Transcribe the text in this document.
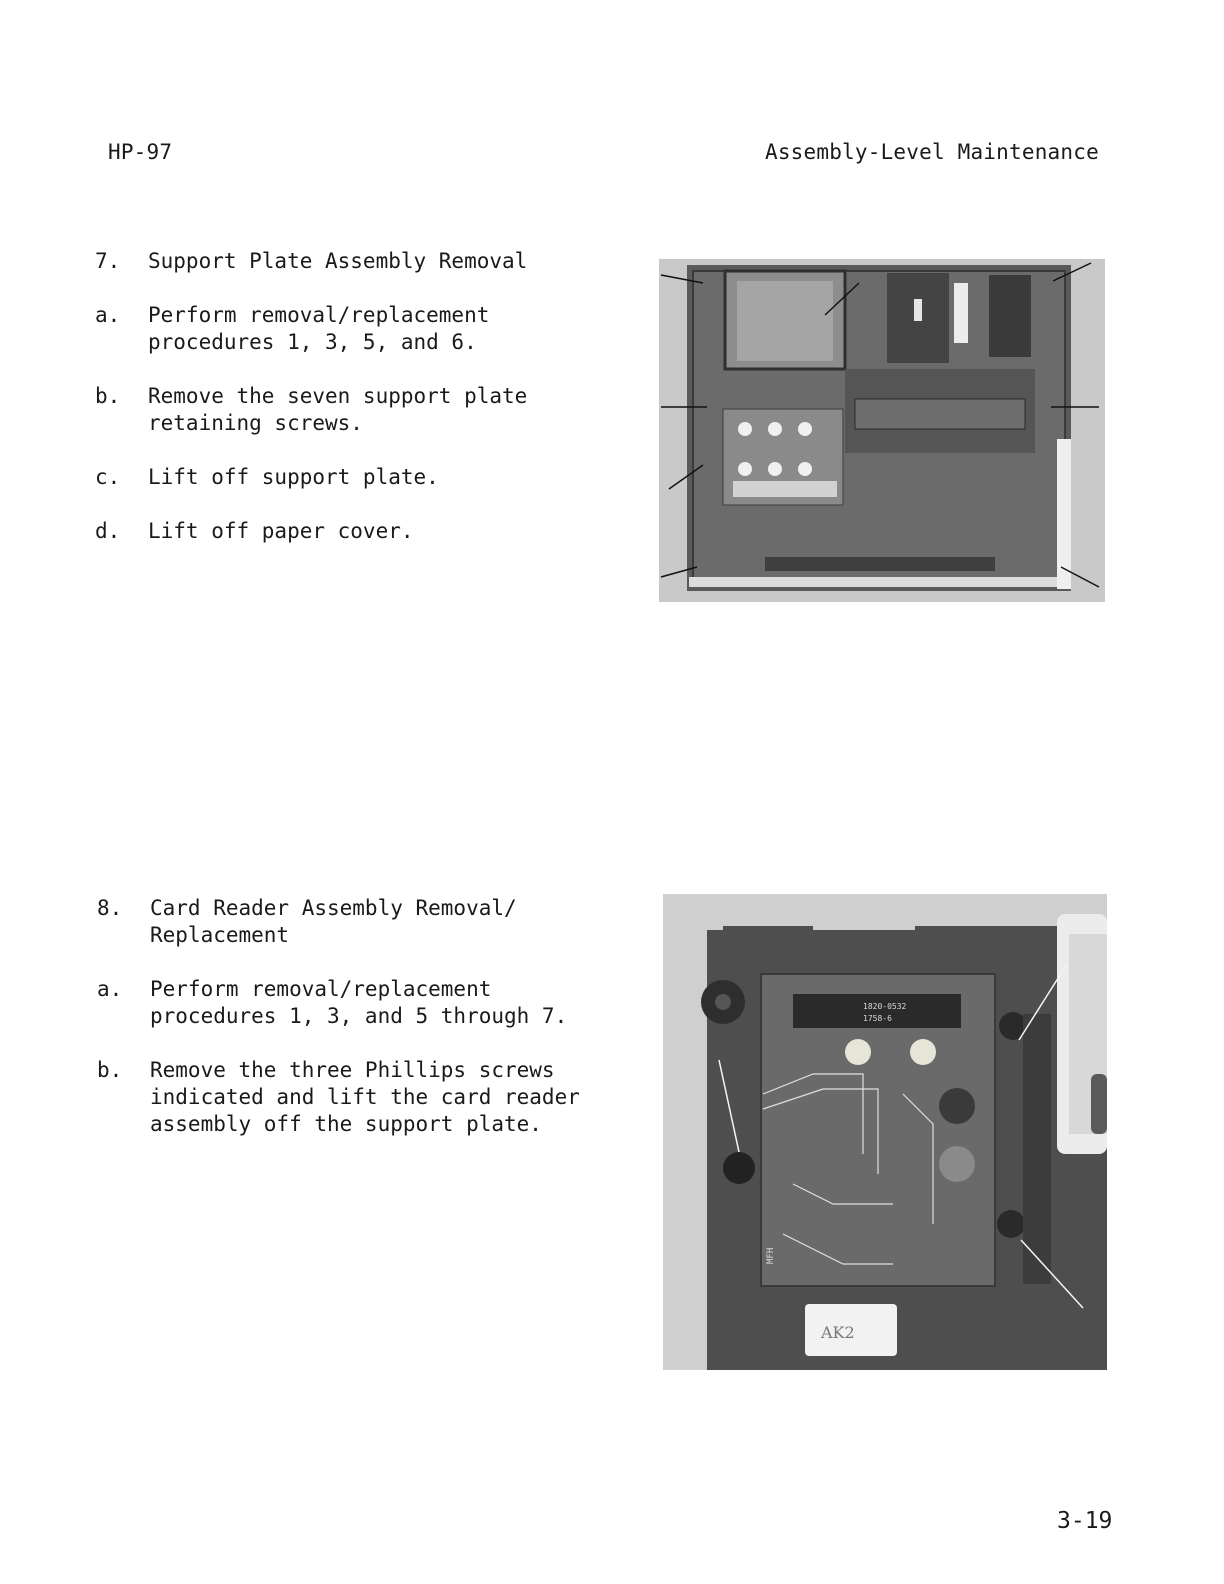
HP-97	Assembly-Level Maintenance
7.	Support Plate Assembly Removal
a.	Perform removal/replacement
procedures 1, 3, 5, and 6.
b.	Remove the seven support plate
retaining screws.
c.	Lift off support plate.
d.	Lift off paper cover.
8.	Card Reader Assembly Removal/
Replacement
a.	Perform removal/replacement
procedures 1, 3, and 5 through 7.
b.	Remove the three Phillips screws
indicated and lift the card reader
assembly off the support plate.
AK2
1820-0532
1758-6
MFH
3-19
